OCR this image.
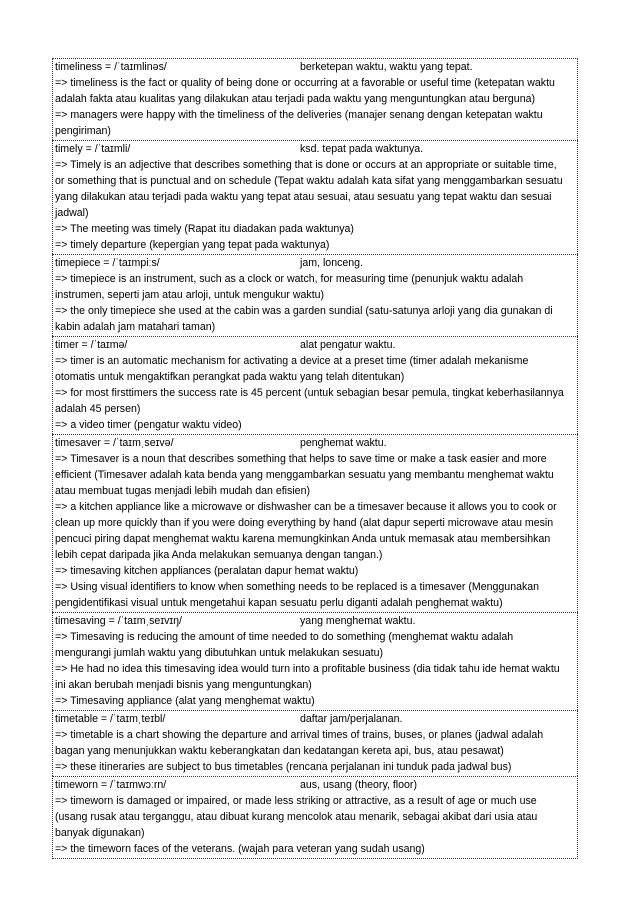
timeliness = /ˈtaɪmlinəs/	berketepan waktu, waktu yang tepat.
=> timeliness is the fact or quality of being done or occurring at a favorable or useful time (ketepatan waktu
adalah fakta atau kualitas yang dilakukan atau terjadi pada waktu yang menguntungkan atau berguna)
=> managers were happy with the timeliness of the deliveries (manajer senang dengan ketepatan waktu
pengiriman)
timely = /ˈtaɪmli/	ksd. tepat pada waktunya.
=> Timely is an adjective that describes something that is done or occurs at an appropriate or suitable time,
or something that is punctual and on schedule (Tepat waktu adalah kata sifat yang menggambarkan sesuatu
yang dilakukan atau terjadi pada waktu yang tepat atau sesuai, atau sesuatu yang tepat waktu dan sesuai
jadwal)
=> The meeting was timely (Rapat itu diadakan pada waktunya)
=> timely departure (kepergian yang tepat pada waktunya)
timepiece = /ˈtaɪmpiːs/	jam, lonceng.
=> timepiece is an instrument, such as a clock or watch, for measuring time (penunjuk waktu adalah
instrumen, seperti jam atau arloji, untuk mengukur waktu)
=> the only timepiece she used at the cabin was a garden sundial (satu-satunya arloji yang dia gunakan di
kabin adalah jam matahari taman)
timer = /ˈtaɪmə/	alat pengatur waktu.
=> timer is an automatic mechanism for activating a device at a preset time (timer adalah mekanisme
otomatis untuk mengaktifkan perangkat pada waktu yang telah ditentukan)
=> for most firsttimers the success rate is 45 percent (untuk sebagian besar pemula, tingkat keberhasilannya
adalah 45 persen)
=> a video timer (pengatur waktu video)
timesaver = /ˈtaɪmˌseɪvə/	penghemat waktu.
=> Timesaver is a noun that describes something that helps to save time or make a task easier and more
efficient (Timesaver adalah kata benda yang menggambarkan sesuatu yang membantu menghemat waktu
atau membuat tugas menjadi lebih mudah dan efisien)
=> a kitchen appliance like a microwave or dishwasher can be a timesaver because it allows you to cook or
clean up more quickly than if you were doing everything by hand (alat dapur seperti microwave atau mesin
pencuci piring dapat menghemat waktu karena memungkinkan Anda untuk memasak atau membersihkan
lebih cepat daripada jika Anda melakukan semuanya dengan tangan.)
=> timesaving kitchen appliances (peralatan dapur hemat waktu)
=> Using visual identifiers to know when something needs to be replaced is a timesaver (Menggunakan
pengidentifikasi visual untuk mengetahui kapan sesuatu perlu diganti adalah penghemat waktu)
timesaving = /ˈtaɪmˌseɪvɪŋ/	yang menghemat waktu.
=> Timesaving is reducing the amount of time needed to do something (menghemat waktu adalah
mengurangi jumlah waktu yang dibutuhkan untuk melakukan sesuatu)
=> He had no idea this timesaving idea would turn into a profitable business (dia tidak tahu ide hemat waktu
ini akan berubah menjadi bisnis yang menguntungkan)
=> Timesaving appliance (alat yang menghemat waktu)
timetable = /ˈtaɪmˌteɪbl/	daftar jam/perjalanan.
=> timetable is a chart showing the departure and arrival times of trains, buses, or planes (jadwal adalah
bagan yang menunjukkan waktu keberangkatan dan kedatangan kereta api, bus, atau pesawat)
=> these itineraries are subject to bus timetables (rencana perjalanan ini tunduk pada jadwal bus)
timeworn = /ˈtaɪmwɔːrn/	aus, usang (theory, floor)
=> timeworn is damaged or impaired, or made less striking or attractive, as a result of age or much use
(usang rusak atau terganggu, atau dibuat kurang mencolok atau menarik, sebagai akibat dari usia atau
banyak digunakan)
=> the timeworn faces of the veterans. (wajah para veteran yang sudah usang)
